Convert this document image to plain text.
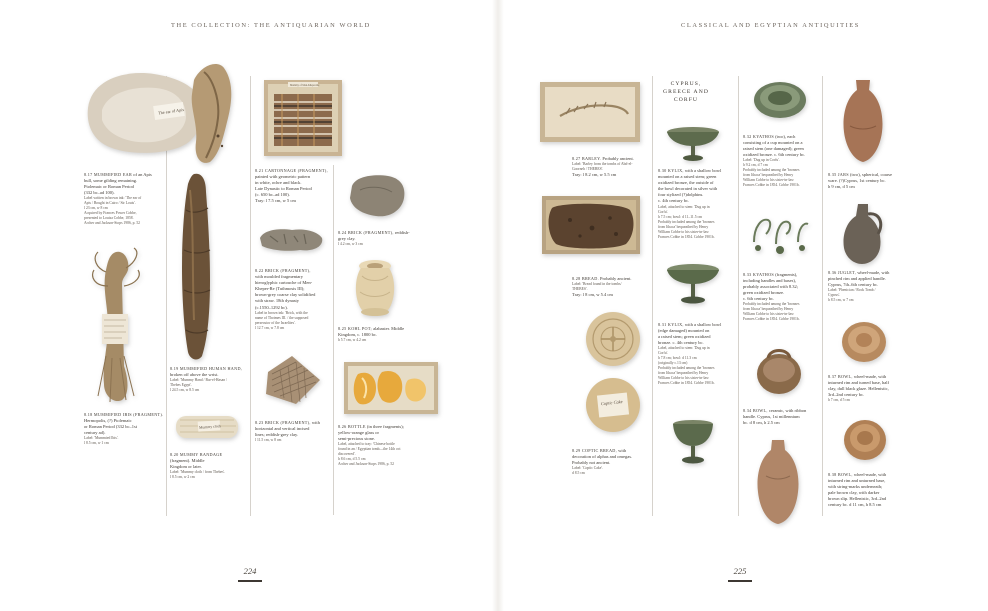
THE COLLECTION: THE ANTIQUARIAN WORLD	CLASSICAL AND EGYPTIAN ANTIQUITIES
The ear of Apis
Mummy cloth
Mummy of Men-Kheper-Re
Coptic Cake
CYPRUS, GREECE AND CORFU
8.17 MUMMIFIED EAR of an Apis
bull, some gilding remaining.
Ptolemaic or Roman Period
(332 bc–ad 100).
Label written in brown ink: 'The ear of
Apis / Bought in Cairo / Sir Louis'.
l 23 cm, w 8 cm
Acquired by Frances Power Cobbe,
presented to Louisa Cobbe, 1858.
Archer and Jackson-Stops 1986, p. 52
8.18 MUMMIFIED IBIS (FRAGMENT).
Hermopolis, (?) Ptolemaic
or Roman Period (332 bc–1st
century ad).
Label: 'Mummied Ibis'.
l 8.5 cm, w 1 cm
8.19 MUMMIFIED HUMAN HAND,
broken off above the wrist.
Label: 'Mummy Hand / Bar-el-Hasan /
Thebes Egypt'.
l 24.5 cm, w 8.5 cm
8.20 MUMMY BANDAGE
(fragment). Middle
Kingdom or later.
Label: 'Mummy cloth / from Thebes'.
l 8.5 cm, w 2 cm
8.21 CARTONNAGE (FRAGMENT),
painted with geometric pattern
in white, ochre and black.
Late Dynastic to Roman Period
(c. 650 bc–ad 100).
Tray: l 7.5 cm, w 5 cm
8.22 BRICK (FRAGMENT),
with moulded fragmentary
hieroglyphic cartouche of Men-
Kheper-Re (Tuthmosis III);
brown-grey coarse clay solidified
with straw. 18th dynasty
(c.1550–1292 bc).
Label in brown ink: 'Brick, with the
name of Thotmes III. / the supposed
persecutor of the Israelites'.
l 12.7 cm, w 7.8 cm
8.23 BRICK (FRAGMENT), with
horizontal and vertical incised
lines; reddish-grey clay.
l 11.5 cm, w 8 cm
8.24 BRICK (FRAGMENT), reddish-
grey clay.
l 4.2 cm, w 3 cm
8.25 KOHL POT; alabaster. Middle
Kingdom, c. 1800 bc.
h 5.7 cm, w 4.2 cm
8.26 BOTTLE (in three fragments);
yellow-orange glass or
semi-precious stone.
Label, attached to tray: 'Chinese bottle
found in an / Egyptian tomb—the 14th oct
discovered'.
h 8.6 cm, d 5.5 cm
Archer and Jackson-Stops 1986, p. 52
8.27 BARLEY. Probably ancient.
Label: 'Barley from the tombs of Abd-el-
Goorneh / THEBES'.
Tray: l 8.2 cm, w 5.5 cm
8.28 BREAD. Probably ancient.
Label: 'Bread found in the tombs/
THEBES'.
Tray: l 8 cm, w 5.4 cm
8.29 COPTIC BREAD, with
decoration of alphas and omegas.
Probably not ancient.
Label: 'Coptic Cake'.
d 8.5 cm
8.30 KYLIX, with a shallow bowl
mounted on a raised stem; green
oxidized bronze, the outside of
the bowl decorated in silver with
four stylized (?)dolphins.
c. 4th century bc.
Label, attached to stem: 'Dug up in
Corfu'.
h 7.5 cm; bowl: d 11–11.5 cm
Probably included among the 'bronzes
from Ithaca' bequeathed by Henry
William Cobbe to his sister-in-law
Frances Cobbe in 1854. Cobbe 1901b.
8.31 KYLIX, with a shallow bowl
(edge damaged) mounted on
a raised stem; green oxidized
bronze. c. 4th century bc.
Label, attached to stem: 'Dug up in
Corfu'.
h 7.8 cm; bowl: d 11.3 cm
(originally c.13 cm)
Probably included among the 'bronzes
from Ithaca' bequeathed by Henry
William Cobbe to his sister-in-law
Frances Cobbe in 1854. Cobbe 1901b.
8.32 KYATHOS (two), each
consisting of a cup mounted on a
raised stem (one damaged); green
oxidized bronze. c. 6th century bc.
Label: 'Dug up in Corfu'.
h 9.2 cm, d 7 cm
Probably included among the 'bronzes
from Ithaca' bequeathed by Henry
William Cobbe to his sister-in-law
Frances Cobbe in 1854. Cobbe 1901b.
8.33 KYATHOS (fragments),
including handles and bases),
probably associated with 8.32;
green oxidized bronze.
c. 6th century bc.
Probably included among the 'bronzes
from Ithaca' bequeathed by Henry
William Cobbe to his sister-in-law
Frances Cobbe in 1854. Cobbe 1901b.
8.34 BOWL, ceramic, with ribbon
handle. Cyprus, 1st millennium
bc. d 8 cm, h 2.5 cm
8.35 JARS (two), spherical, coarse
ware. (?)Cyprus, 1st century bc.
h 9 cm, d 5 cm
8.36 JUGLET, wheel-made, with
pinched rim and applied handle.
Cyprus, 7th–6th century bc.
Label: 'Phenician / Rock Tomb /
Cyprus'.
h 8.5 cm, w 7 cm
8.37 BOWL, wheel-made, with
inturned rim and turned base, half
clay, dull black glaze. Hellenistic,
3rd–2nd century bc.
h 7 cm, d 5 cm
8.38 BOWL, wheel-made, with
inturned rim and unturned base,
with string-marks underneath;
pale brown clay, with darker
brown slip. Hellenistic, 3rd–2nd
century bc. d 11 cm, h 8.5 cm
224	225
